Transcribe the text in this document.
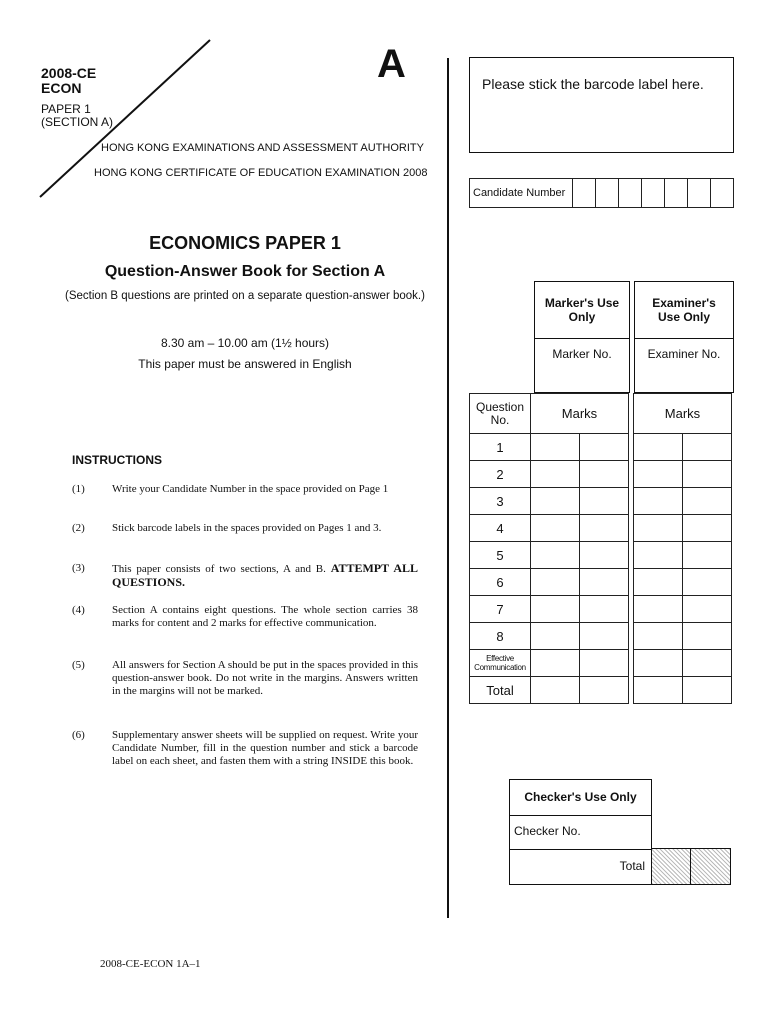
2008-CE
ECON
PAPER 1
(SECTION A)
A
HONG KONG EXAMINATIONS AND ASSESSMENT AUTHORITY
HONG KONG CERTIFICATE OF EDUCATION EXAMINATION 2008
ECONOMICS PAPER 1
Question-Answer Book for Section A
(Section B questions are printed on a separate question-answer book.)
8.30 am – 10.00 am (1½ hours)
This paper must be answered in English
INSTRUCTIONS
(1)	Write your Candidate Number in the space provided on Page 1
(2)	Stick barcode labels in the spaces provided on Pages 1 and 3.
(3)	This paper consists of two sections, A and B. ATTEMPT ALL QUESTIONS.
(4)	Section A contains eight questions. The whole section carries 38 marks for content and 2 marks for effective communication.
(5)	All answers for Section A should be put in the spaces provided in this question-answer book. Do not write in the margins. Answers written in the margins will not be marked.
(6)	Supplementary answer sheets will be supplied on request. Write your Candidate Number, fill in the question number and stick a barcode label on each sheet, and fasten them with a string INSIDE this book.
2008-CE-ECON 1A–1
Please stick the barcode label here.
Candidate Number							
Marker's Use Only
Examiner's Use Only
Marker No.	Examiner No.
Question No.	Marks			Marks	
1					
2					
3					
4					
5					
6					
7					
8					
Effective Communication					
Total					
Checker's Use Only
Checker No.
Total
